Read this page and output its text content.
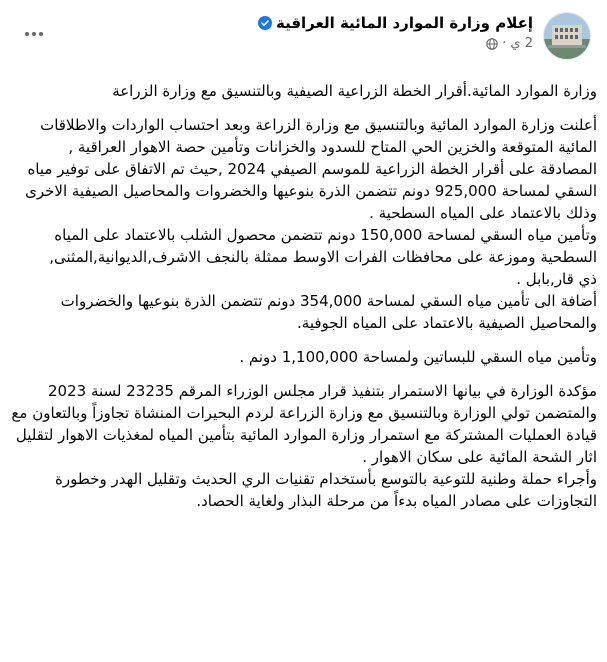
إعلام وزارة الموارد المائية العراقية
2 ي
·

وزارة الموارد المائية.أقرار الخطة الزراعية الصيفية وبالتنسيق مع وزارة الزراعة

أعلنت وزارة الموارد المائية وبالتنسيق مع وزارة الزراعة وبعد احتساب الواردات والاطلاقات المائية المتوقعة والخزين الحي المتاح للسدود والخزانات وتأمين حصة الاهوار العراقية , المصادقة على أقرار الخطة الزراعية للموسم الصيفي 2024 ,حيث تم الاتفاق على توفير مياه السقي لمساحة 925,000 دونم تتضمن الذرة بنوعيها والخضروات والمحاصيل الصيفية الاخرى وذلك بالاعتماد على المياه السطحية .
وتأمين مياه السقي لمساحة 150,000 دونم تتضمن محصول الشلب بالاعتماد على المياه السطحية وموزعة على محافظات الفرات الاوسط ممثلة بالنجف الاشرف,الديوانية,المثنى,
ذي قار,بابل .
أضافة الى تأمين مياه السقي لمساحة 354,000 دونم تتضمن الذرة بنوعيها والخضروات والمحاصيل الصيفية بالاعتماد على المياه الجوفية.

وتأمين مياه السقي للبساتين ولمساحة 1,100,000 دونم .

مؤكدة الوزارة في بيانها الاستمرار بتنفيذ قرار مجلس الوزراء المرقم 23235 لسنة 2023 والمتضمن تولي الوزارة وبالتنسيق مع وزارة الزراعة لردم البحيرات المنشاة تجاوزاً وبالتعاون مع قيادة العمليات المشتركة مع استمرار وزارة الموارد المائية بتأمين المياه لمغذيات الاهوار لتقليل اثار الشحة المائية على سكان الاهوار .
وأجراء حملة وطنية للتوعية بالتوسع بأستخدام تقنيات الري الحديث وتقليل الهدر وخطورة التجاوزات على مصادر المياه بدءاً من مرحلة البذار ولغاية الحصاد.
